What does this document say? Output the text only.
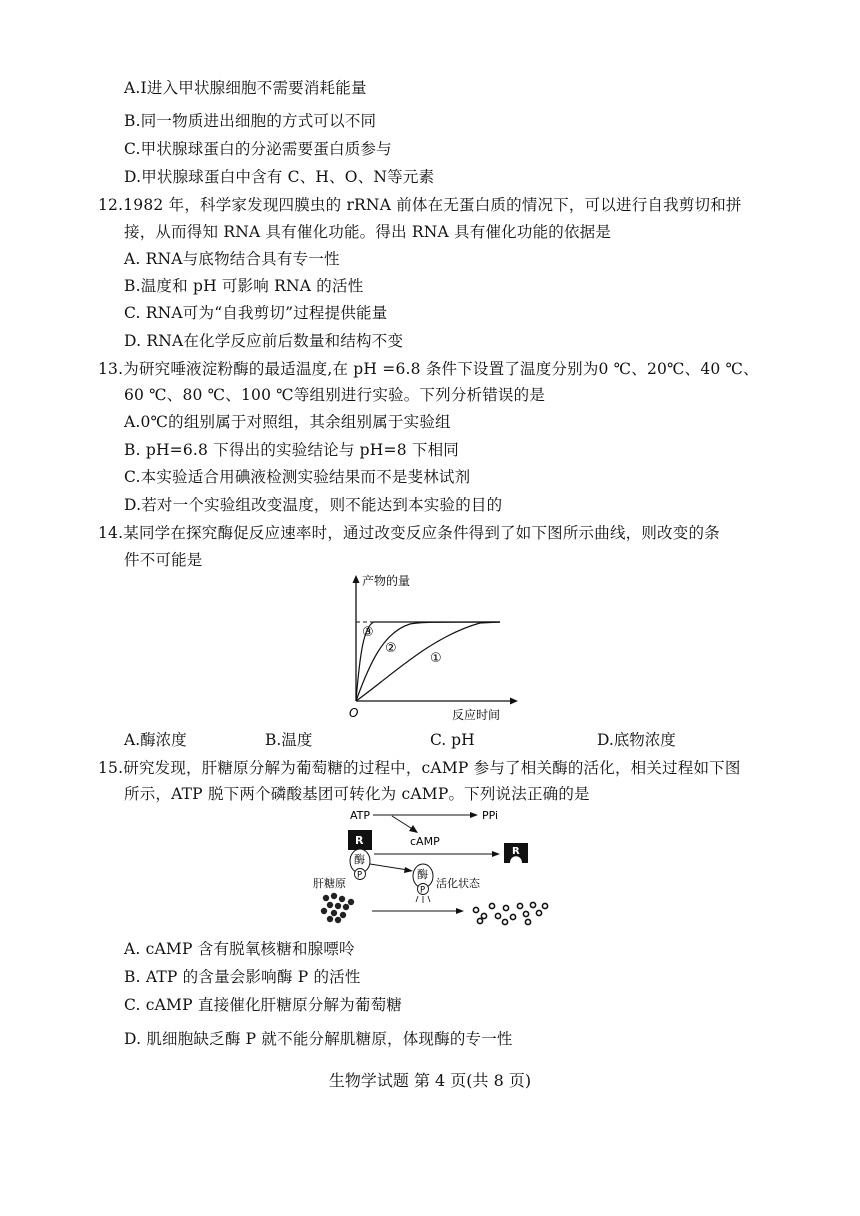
A.Ⅰ进入甲状腺细胞不需要消耗能量
B.同一物质进出细胞的方式可以不同
C.甲状腺球蛋白的分泌需要蛋白质参与
D.甲状腺球蛋白中含有 C、H、O、N等元素
12.1982 年，科学家发现四膜虫的 rRNA 前体在无蛋白质的情况下，可以进行自我剪切和拼
接，从而得知 RNA 具有催化功能。得出 RNA 具有催化功能的依据是
A. RNA与底物结合具有专一性
B.温度和 pH 可影响 RNA 的活性
C. RNA可为“自我剪切”过程提供能量
D. RNA在化学反应前后数量和结构不变
13.为研究唾液淀粉酶的最适温度,在 pH =6.8 条件下设置了温度分别为0 ℃、20℃、40 ℃、
60 ℃、80 ℃、100 ℃等组别进行实验。下列分析错误的是
A.0℃的组别属于对照组，其余组别属于实验组
B. pH=6.8 下得出的实验结论与 pH=8 下相同
C.本实验适合用碘液检测实验结果而不是斐林试剂
D.若对一个实验组改变温度，则不能达到本实验的目的
14.某同学在探究酶促反应速率时，通过改变反应条件得到了如下图所示曲线，则改变的条
件不可能是
产物的量
反应时间
O
③
②
①
A.酶浓度	B.温度	C. pH	D.底物浓度
15.研究发现，肝糖原分解为葡萄糖的过程中，cAMP 参与了相关酶的活化，相关过程如下图
所示，ATP 脱下两个磷酸基团可转化为 cAMP。下列说法正确的是
ATP	PPi
cAMP
R
酶
P
R
酶
P
活化状态
肝糖原
A. cAMP 含有脱氧核糖和腺嘌呤
B. ATP 的含量会影响酶 P 的活性
C. cAMP 直接催化肝糖原分解为葡萄糖
D. 肌细胞缺乏酶 P 就不能分解肌糖原，体现酶的专一性
生物学试题 第 4 页(共 8 页)
